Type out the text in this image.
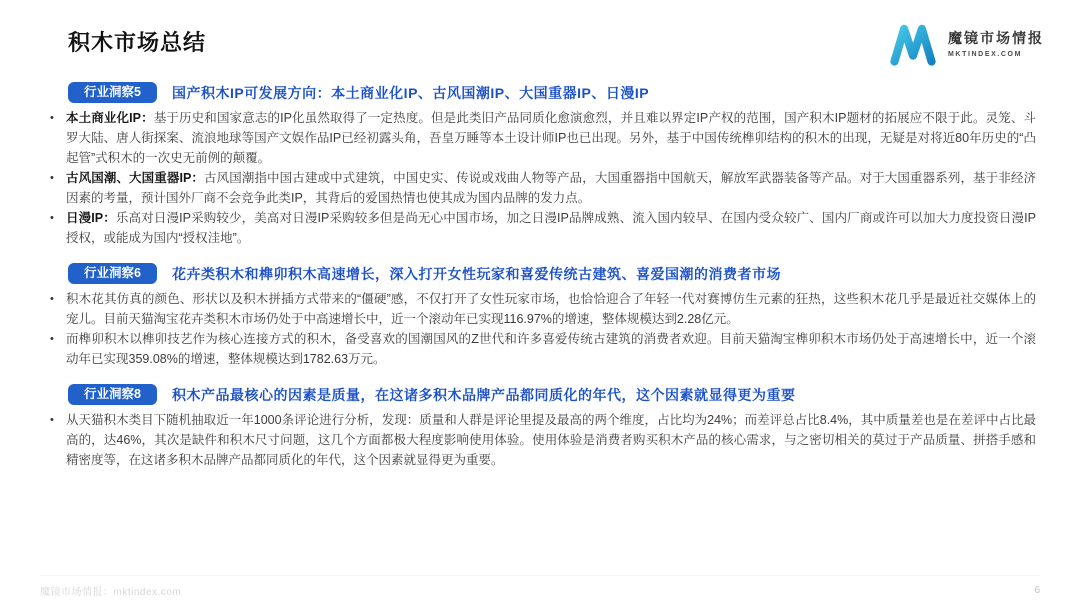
积木市场总结	魔镜市场情报
MKTINDEX.COM
行业洞察5	国产积木IP可发展方向：本土商业化IP、古风国潮IP、大国重器IP、日漫IP
• 本土商业化IP：基于历史和国家意志的IP化虽然取得了一定热度。但是此类旧产品同质化愈演愈烈，并且难以界定IP产权的范围，国产积木IP题材的拓展应不限于此。灵笼、斗罗大陆、唐人街探案、流浪地球等国产文娱作品IP已经初露头角，吾皇万睡等本土设计师IP也已出现。另外，基于中国传统榫卯结构的积木的出现，无疑是对将近80年历史的“凸起管”式积木的一次史无前例的颠覆。
• 古风国潮、大国重器IP：古风国潮指中国古建或中式建筑，中国史实、传说或戏曲人物等产品，大国重器指中国航天，解放军武器装备等产品。对于大国重器系列，基于非经济因素的考量，预计国外厂商不会竞争此类IP，其背后的爱国热情也使其成为国内品牌的发力点。
• 日漫IP：乐高对日漫IP采购较少，美高对日漫IP采购较多但是尚无心中国市场，加之日漫IP品牌成熟、流入国内较早、在国内受众较广、国内厂商或许可以加大力度投资日漫IP授权，或能成为国内“授权洼地”。
行业洞察6	花卉类积木和榫卯积木高速增长，深入打开女性玩家和喜爱传统古建筑、喜爱国潮的消费者市场
• 积木花其仿真的颜色、形状以及积木拼插方式带来的“僵硬”感，不仅打开了女性玩家市场，也恰恰迎合了年轻一代对赛博仿生元素的狂热，这些积木花几乎是最近社交媒体上的宠儿。目前天猫淘宝花卉类积木市场仍处于中高速增长中，近一个滚动年已实现116.97%的增速，整体规模达到2.28亿元。
• 而榫卯积木以榫卯技艺作为核心连接方式的积木，备受喜欢的国潮国风的Z世代和许多喜爱传统古建筑的消费者欢迎。目前天猫淘宝榫卯积木市场仍处于高速增长中，近一个滚动年已实现359.08%的增速，整体规模达到1782.63万元。
行业洞察8	积木产品最核心的因素是质量，在这诸多积木品牌产品都同质化的年代，这个因素就显得更为重要
• 从天猫积木类目下随机抽取近一年1000条评论进行分析，发现：质量和人群是评论里提及最高的两个维度，占比均为24%；而差评总占比8.4%，其中质量差也是在差评中占比最高的，达46%，其次是缺件和积木尺寸问题，这几个方面都极大程度影响使用体验。使用体验是消费者购买积木产品的核心需求，与之密切相关的莫过于产品质量、拼搭手感和精密度等，在这诸多积木品牌产品都同质化的年代，这个因素就显得更为重要。
魔镜市场情报：mktindex.com	6
